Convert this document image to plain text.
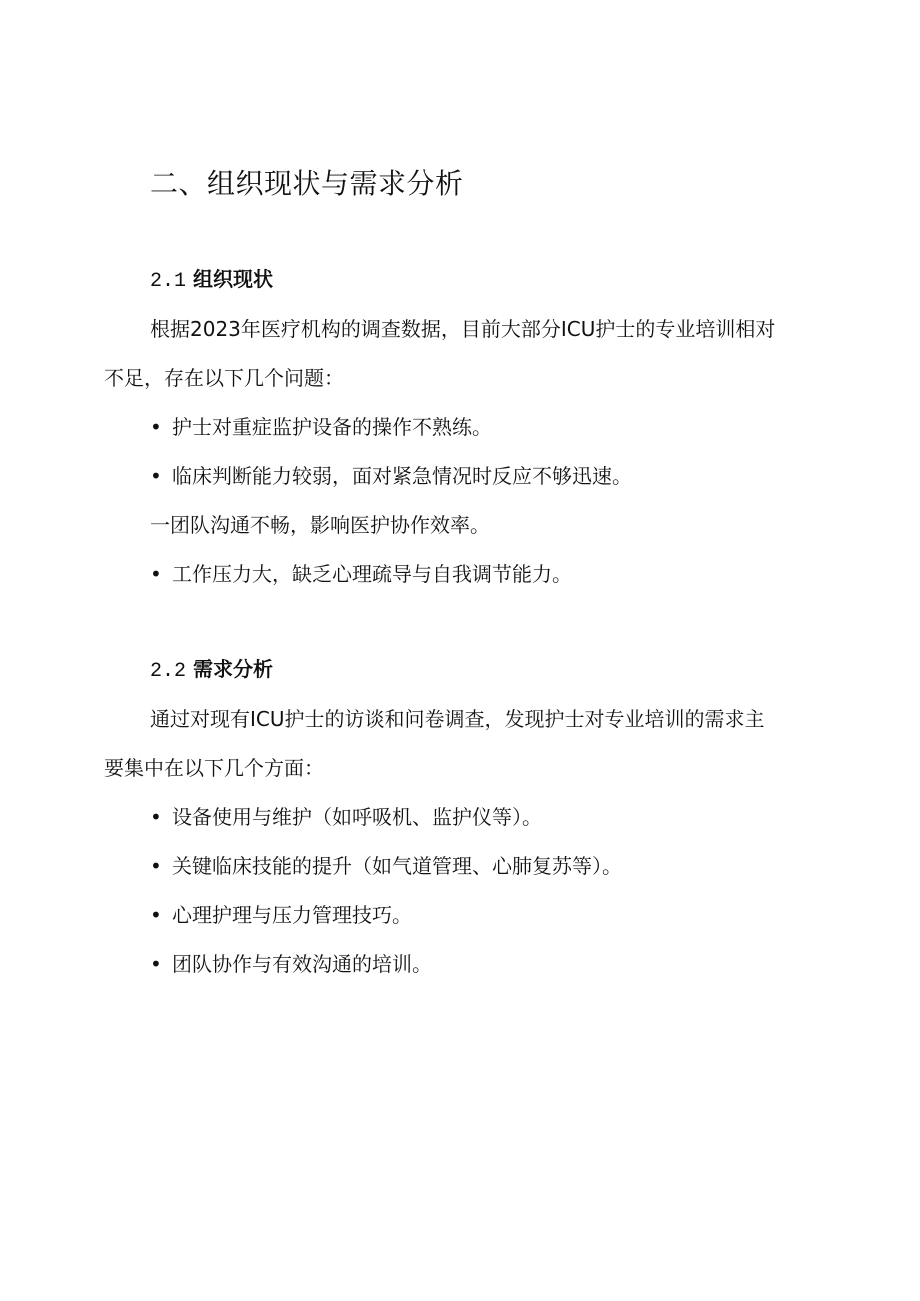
二、组织现状与需求分析
2.1 组织现状

根据2023年医疗机构的调查数据，目前大部分ICU护士的专业培训相对

不足，存在以下几个问题：

• 护士对重症监护设备的操作不熟练。
• 临床判断能力较弱，面对紧急情况时反应不够迅速。
一团队沟通不畅，影响医护协作效率。
• 工作压力大，缺乏心理疏导与自我调节能力。
2.2 需求分析

通过对现有ICU护士的访谈和问卷调查，发现护士对专业培训的需求主

要集中在以下几个方面：

• 设备使用与维护（如呼吸机、监护仪等）。
• 关键临床技能的提升（如气道管理、心肺复苏等）。
• 心理护理与压力管理技巧。
• 团队协作与有效沟通的培训。
